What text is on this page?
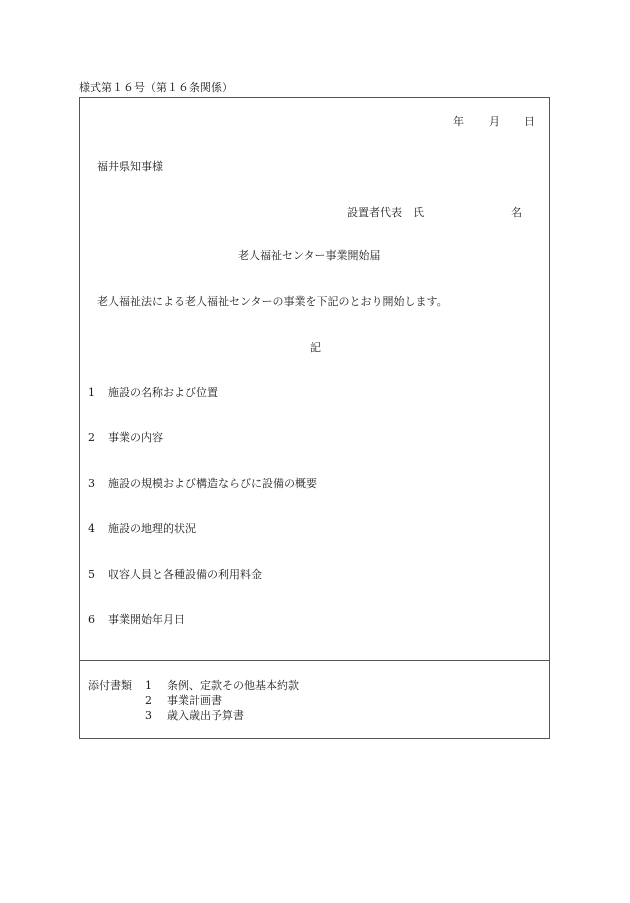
様式第１６号（第１６条関係）
年 月 日
福井県知事様
設置者代表　氏	名
老人福祉センター事業開始届
老人福祉法による老人福祉センターの事業を下記のとおり開始します。
記
1 施設の名称および位置
2 事業の内容
3 施設の規模および構造ならびに設備の概要
4 施設の地理的状況
5 収容人員と各種設備の利用料金
6 事業開始年月日
添付書類 1 条例、定款その他基本約款
2 事業計画書
3 歳入歳出予算書
